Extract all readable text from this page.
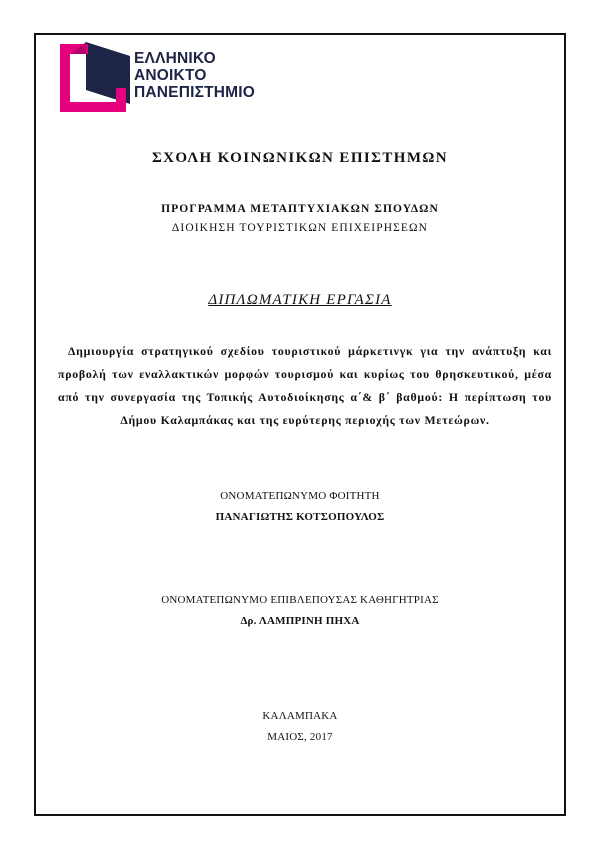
ΕΛΛΗΝΙΚΟ
ΑΝΟΙΚΤΟ
ΠΑΝΕΠΙΣΤΗΜΙΟ
ΣΧΟΛΗ ΚΟΙΝΩΝΙΚΩΝ ΕΠΙΣΤΗΜΩΝ
ΠΡΟΓΡΑΜΜΑ ΜΕΤΑΠΤΥΧΙΑΚΩΝ ΣΠΟΥΔΩΝ
ΔΙΟΙΚΗΣΗ ΤΟΥΡΙΣΤΙΚΩΝ ΕΠΙΧΕΙΡΗΣΕΩΝ
ΔΙΠΛΩΜΑΤΙΚΗ ΕΡΓΑΣΙΑ
Δημιουργία στρατηγικού σχεδίου τουριστικού μάρκετινγκ για την ανάπτυξη και προβολή των εναλλακτικών μορφών τουρισμού και κυρίως του θρησκευτικού, μέσα από την συνεργασία της Τοπικής Αυτοδιοίκησης α΄& β΄ βαθμού: Η περίπτωση του Δήμου Καλαμπάκας και της ευρύτερης περιοχής των Μετεώρων.
ΟΝΟΜΑΤΕΠΩΝΥΜΟ ΦΟΙΤΗΤΗ
ΠΑΝΑΓΙΩΤΗΣ ΚΟΤΣΟΠΟΥΛΟΣ
ΟΝΟΜΑΤΕΠΩΝΥΜΟ ΕΠΙΒΛΕΠΟΥΣΑΣ ΚΑΘΗΓΗΤΡΙΑΣ
Δρ. ΛΑΜΠΡΙΝΗ ΠΗΧΑ
ΚΑΛΑΜΠΑΚΑ
ΜΑΙΟΣ, 2017
